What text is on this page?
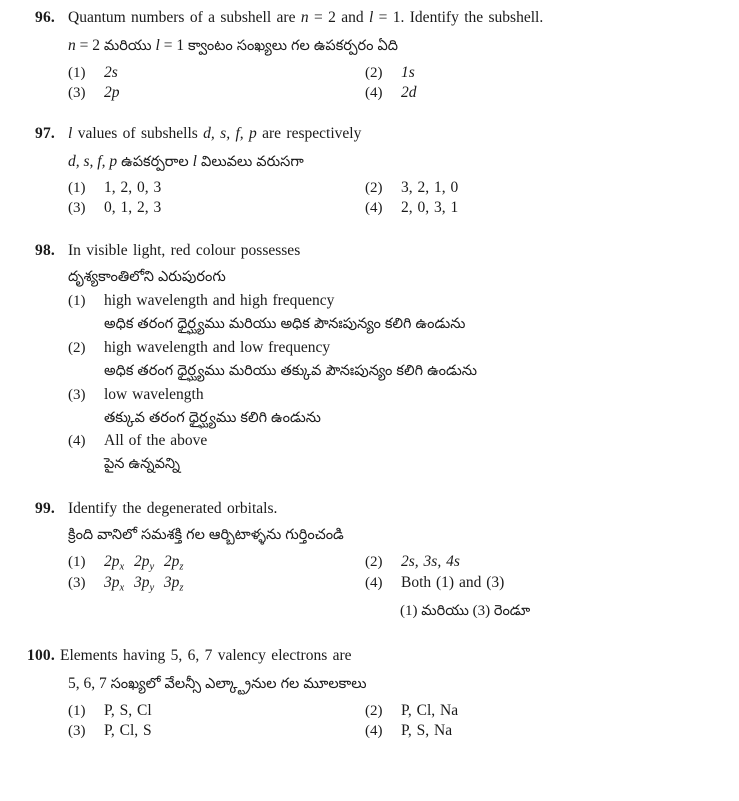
96. Quantum numbers of a subshell are n = 2 and l = 1. Identify the subshell.
n = 2 మరియు l = 1 క్వాంటం సంఖ్యలు గల ఉపకర్పరం ఏది
(1)	2s	(2)	1s
(3)	2p	(4)	2d
97. l values of subshells d, s, f, p are respectively
d, s, f, p ఉపకర్పరాల l విలువలు వరుసగా
(1)	1, 2, 0, 3	(2)	3, 2, 1, 0
(3)	0, 1, 2, 3	(4)	2, 0, 3, 1
98. In visible light, red colour possesses
దృశ్యకాంతిలోని ఎరుపురంగు
(1)	high wavelength and high frequency
అధిక తరంగ ధైర్ఘ్యము మరియు అధిక పౌనఃపున్యం కలిగి ఉండును
(2)	high wavelength and low frequency
అధిక తరంగ ధైర్ఘ్యము మరియు తక్కువ పౌనఃపున్యం కలిగి ఉండును
(3)	low wavelength
తక్కువ తరంగ ధైర్ఘ్యము కలిగి ఉండును
(4)	All of the above
పైన ఉన్నవన్ని
99. Identify the degenerated orbitals.
క్రింది వానిలో సమశక్తి గల ఆర్బిటాళ్ళను గుర్తించండి
(1)	$2p_x$ $2p_y$ $2p_z$	(2)	2s, 3s, 4s
(3)	$3p_x$ $3p_y$ $3p_z$	(4)	Both (1) and (3)
(1) మరియు (3) రెండూ
100. Elements having 5, 6, 7 valency electrons are
5, 6, 7 సంఖ్యలో వేలన్సీ ఎల్క్ట్రానుల గల మూలకాలు
(1)	P, S, Cl	(2)	P, Cl, Na
(3)	P, Cl, S	(4)	P, S, Na
